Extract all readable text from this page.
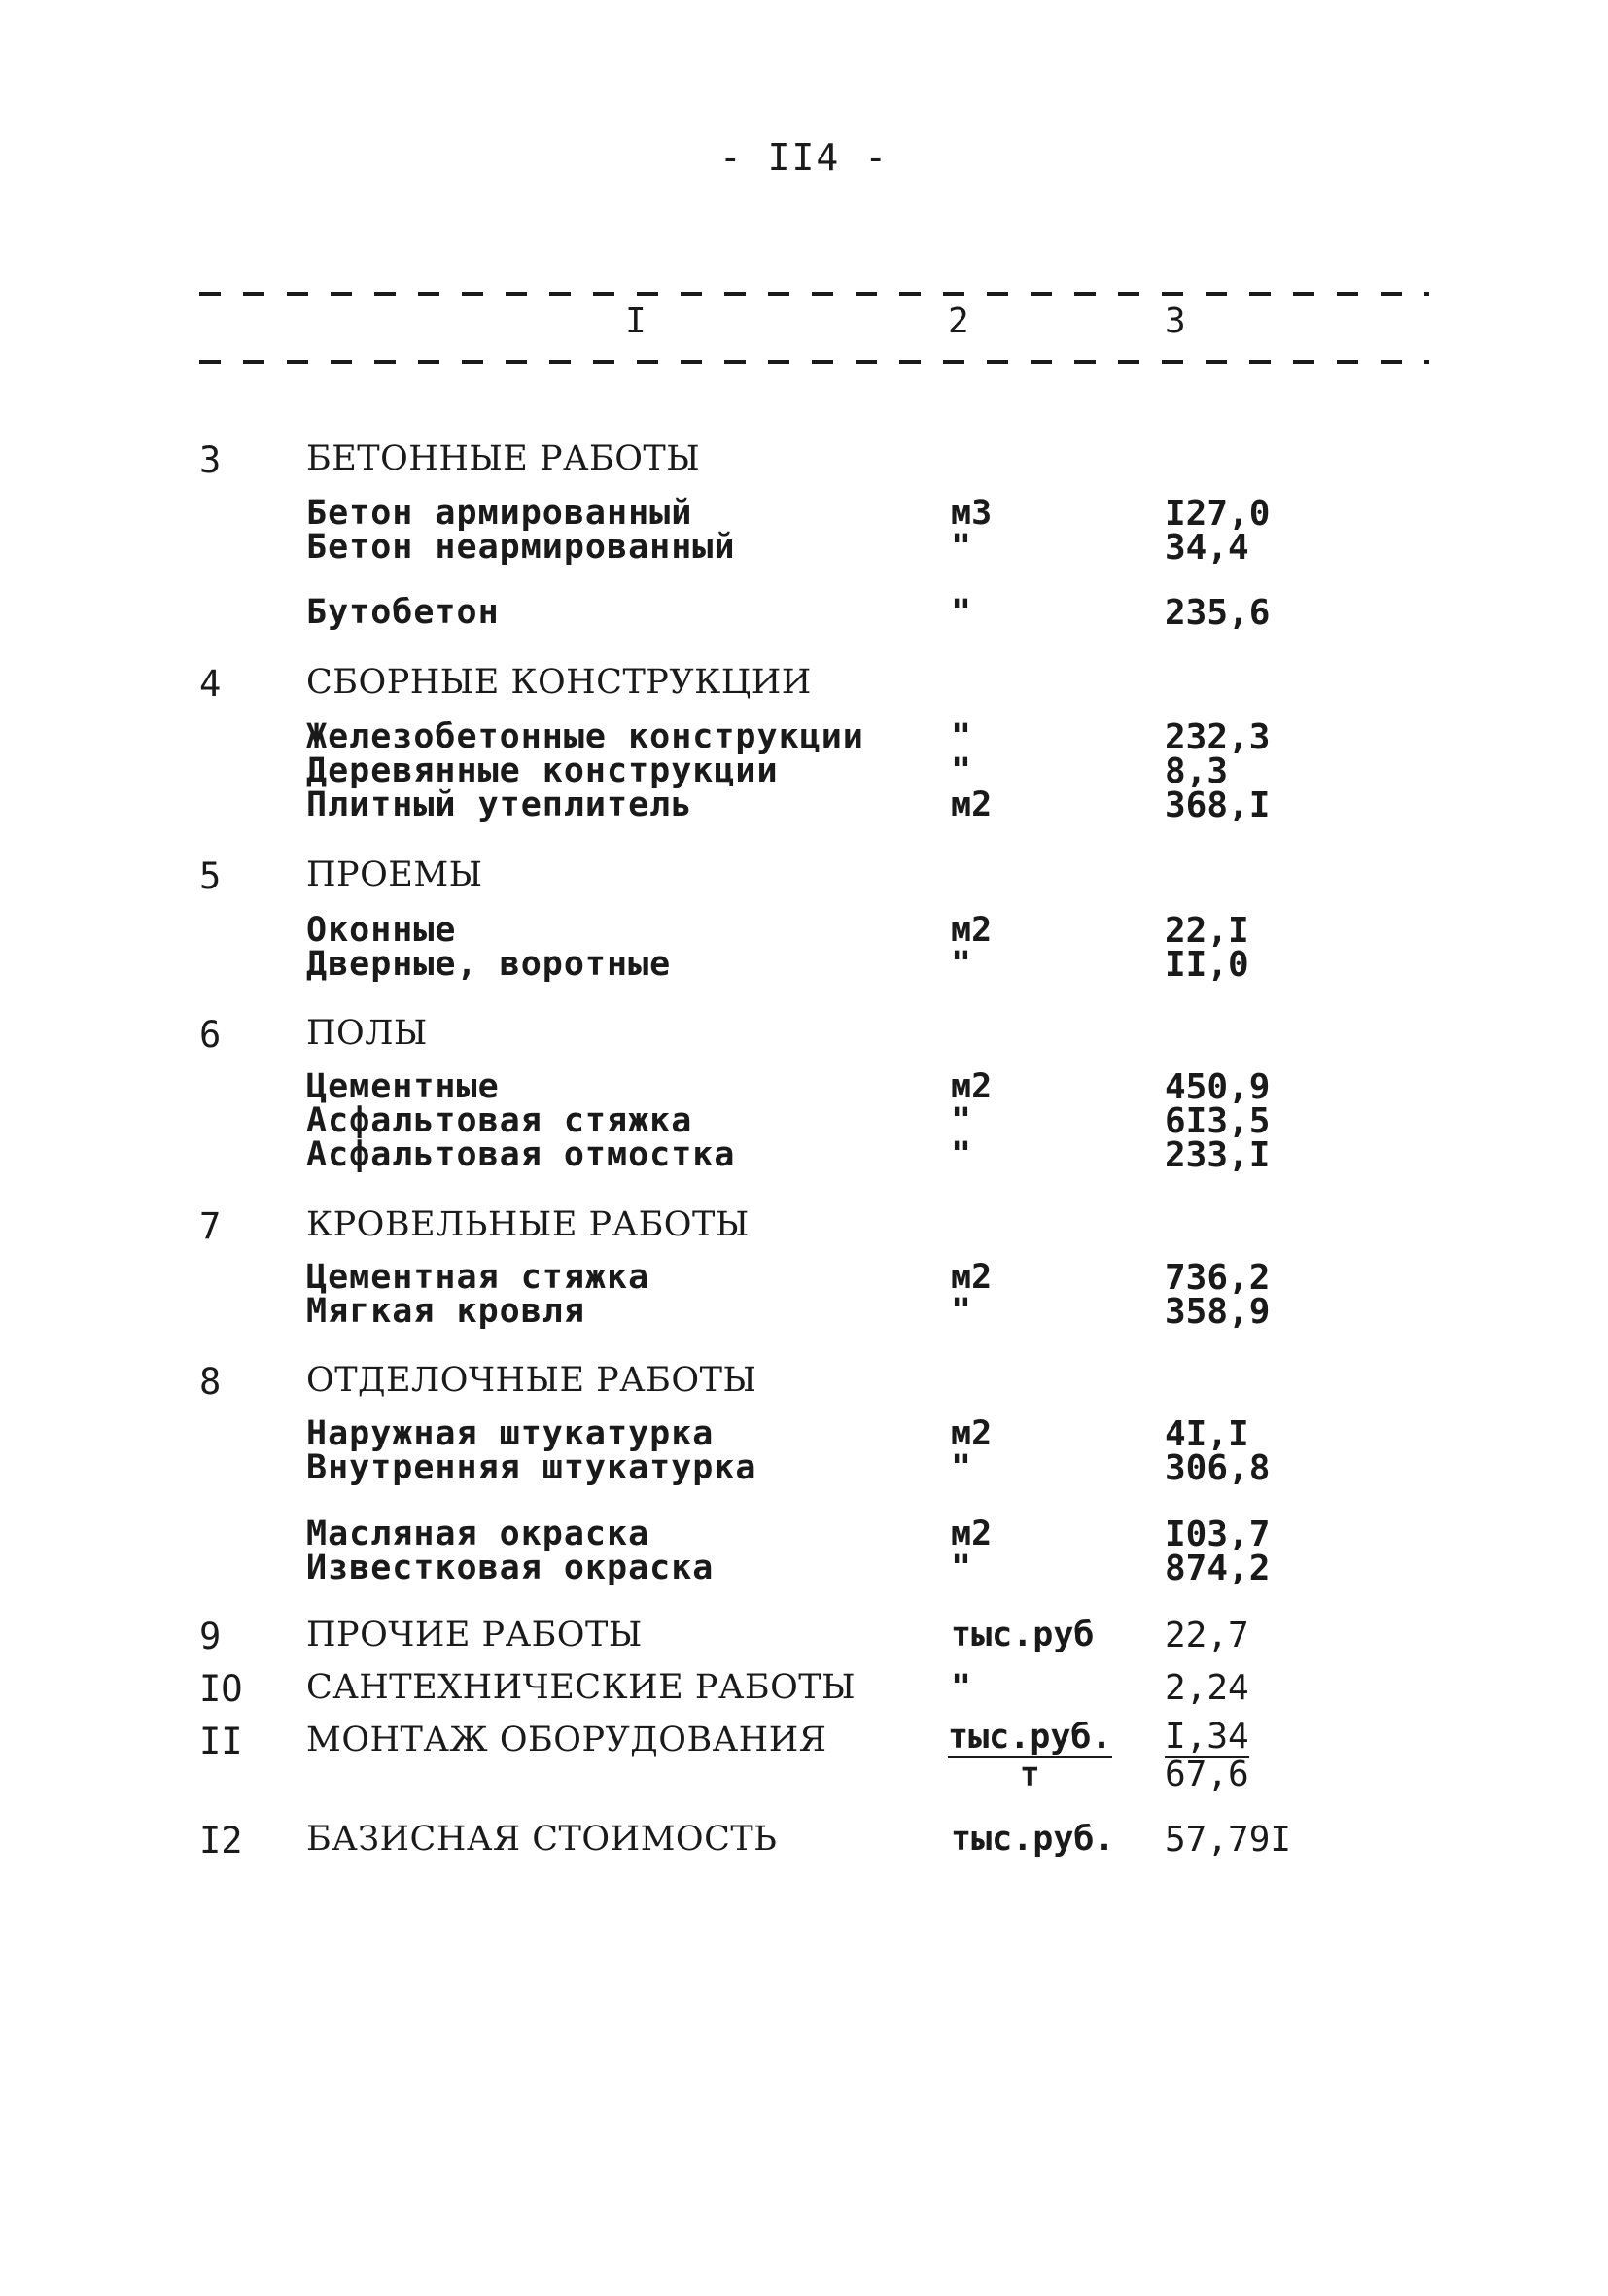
- II4 -
I	2	3
3	БЕТОННЫЕ РАБОТЫ
Бетон армированный	м3	I27,0
Бетон неармированный	"	34,4
Бутобетон	"	235,6
4	СБОРНЫЕ КОНСТРУКЦИИ
Железобетонные конструкции	"	232,3
Деревянные конструкции	"	8,3
Плитный утеплитель	м2	368,I
5	ПРОЕМЫ
Оконные	м2	22,I
Дверные, воротные	"	II,0
6	ПОЛЫ
Цементные	м2	450,9
Асфальтовая стяжка	"	6I3,5
Асфальтовая отмостка	"	233,I
7	КРОВЕЛЬНЫЕ РАБОТЫ
Цементная стяжка	м2	736,2
Мягкая кровля	"	358,9
8	ОТДЕЛОЧНЫЕ РАБОТЫ
Наружная штукатурка	м2	4I,I
Внутренняя штукатурка	"	306,8
Масляная окраска	м2	I03,7
Известковая окраска	"	874,2
9	ПРОЧИЕ РАБОТЫ	тыс.руб 22,7
IO САНТЕХНИЧЕСКИЕ РАБОТЫ	"	2,24
II МОНТАЖ ОБОРУДОВАНИЯ	тыс.руб.
т	$\frac{I,34}{67,6}$
I2 БАЗИСНАЯ СТОИМОСТЬ	тыс.руб. 57,79I
